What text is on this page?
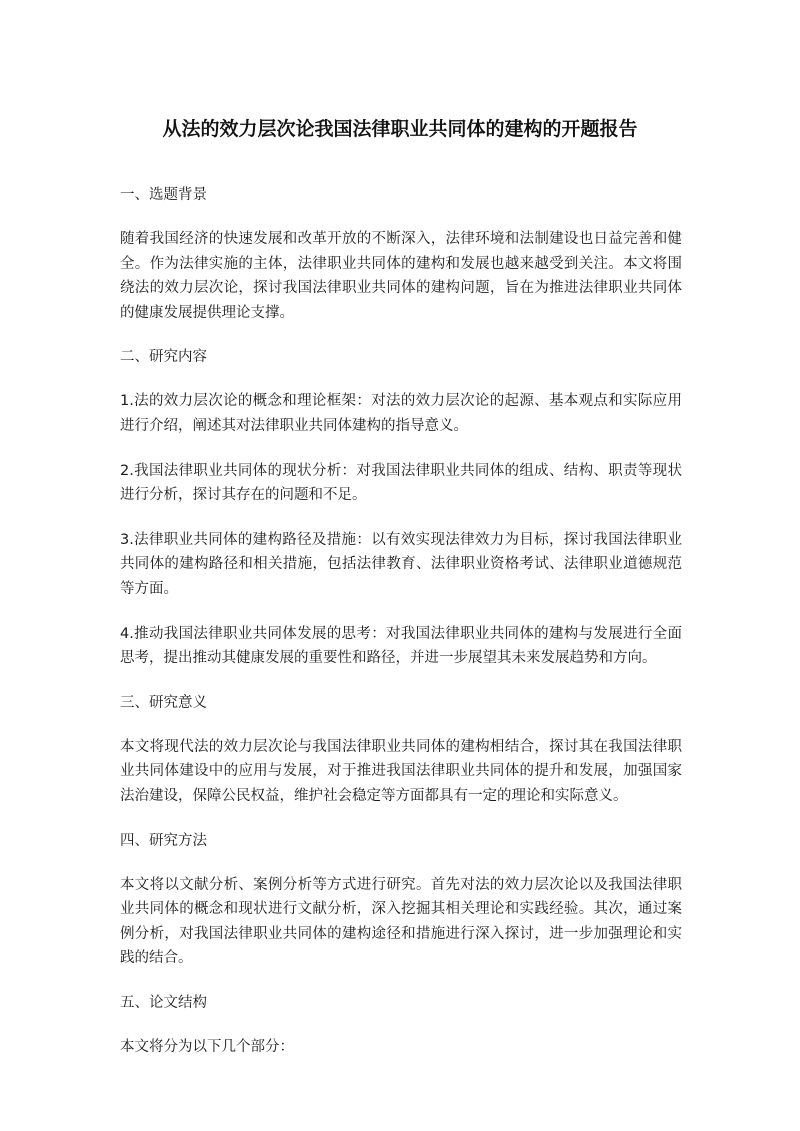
从法的效力层次论我国法律职业共同体的建构的开题报告
一、选题背景
随着我国经济的快速发展和改革开放的不断深入，法律环境和法制建设也日益完善和健全。作为法律实施的主体，法律职业共同体的建构和发展也越来越受到关注。本文将围绕法的效力层次论，探讨我国法律职业共同体的建构问题，旨在为推进法律职业共同体的健康发展提供理论支撑。
二、研究内容
1.法的效力层次论的概念和理论框架：对法的效力层次论的起源、基本观点和实际应用进行介绍，阐述其对法律职业共同体建构的指导意义。
2.我国法律职业共同体的现状分析：对我国法律职业共同体的组成、结构、职责等现状进行分析，探讨其存在的问题和不足。
3.法律职业共同体的建构路径及措施：以有效实现法律效力为目标，探讨我国法律职业共同体的建构路径和相关措施，包括法律教育、法律职业资格考试、法律职业道德规范等方面。
4.推动我国法律职业共同体发展的思考：对我国法律职业共同体的建构与发展进行全面思考，提出推动其健康发展的重要性和路径，并进一步展望其未来发展趋势和方向。
三、研究意义
本文将现代法的效力层次论与我国法律职业共同体的建构相结合，探讨其在我国法律职业共同体建设中的应用与发展，对于推进我国法律职业共同体的提升和发展，加强国家法治建设，保障公民权益，维护社会稳定等方面都具有一定的理论和实际意义。
四、研究方法
本文将以文献分析、案例分析等方式进行研究。首先对法的效力层次论以及我国法律职业共同体的概念和现状进行文献分析，深入挖掘其相关理论和实践经验。其次，通过案例分析，对我国法律职业共同体的建构途径和措施进行深入探讨，进一步加强理论和实践的结合。
五、论文结构
本文将分为以下几个部分：
